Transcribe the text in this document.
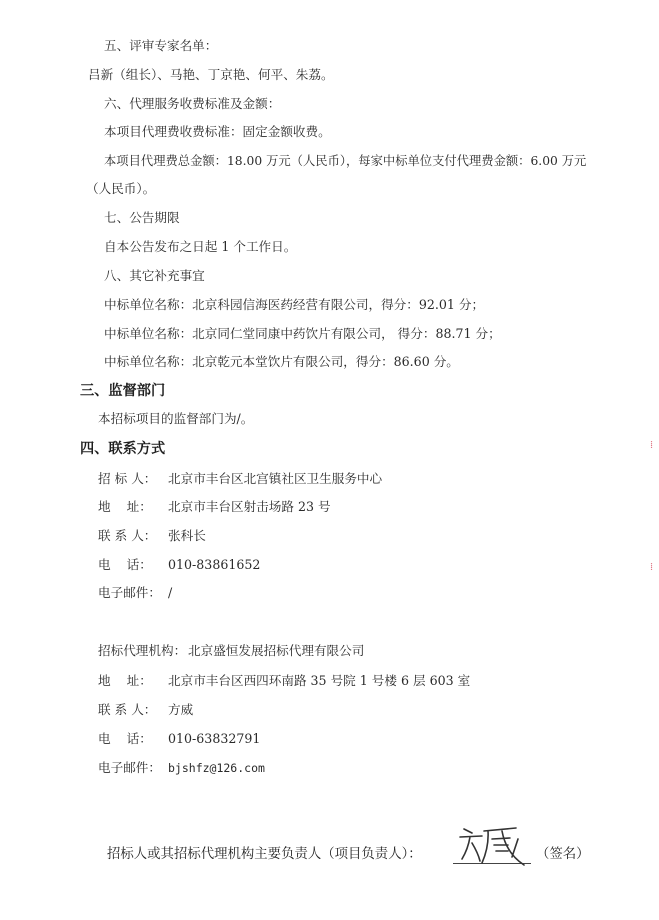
五、评审专家名单：
吕新（组长）、马艳、丁京艳、何平、朱荔。
六、代理服务收费标准及金额：
本项目代理费收费标准：固定金额收费。
本项目代理费总金额：18.00 万元（人民币），每家中标单位支付代理费金额：6.00 万元
（人民币）。
七、公告期限
自本公告发布之日起 1 个工作日。
八、其它补充事宜
中标单位名称：北京科园信海医药经营有限公司，得分：92.01 分；
中标单位名称：北京同仁堂同康中药饮片有限公司， 得分：88.71 分；
中标单位名称：北京乾元本堂饮片有限公司，得分：86.60 分。
三、监督部门
本招标项目的监督部门为/。
四、联系方式
招 标 人： 北京市丰台区北宫镇社区卫生服务中心
地    址： 北京市丰台区射击场路 23 号
联 系 人： 张科长
电    话： 010-83861652
电子邮件： /
招标代理机构： 北京盛恒发展招标代理有限公司
地    址： 北京市丰台区西四环南路 35 号院 1 号楼 6 层 603 室
联 系 人： 方威
电    话： 010-63832791
电子邮件： bjshfz@126.com
招标人或其招标代理机构主要负责人（项目负责人）：	（签名）
⁞
⁞
